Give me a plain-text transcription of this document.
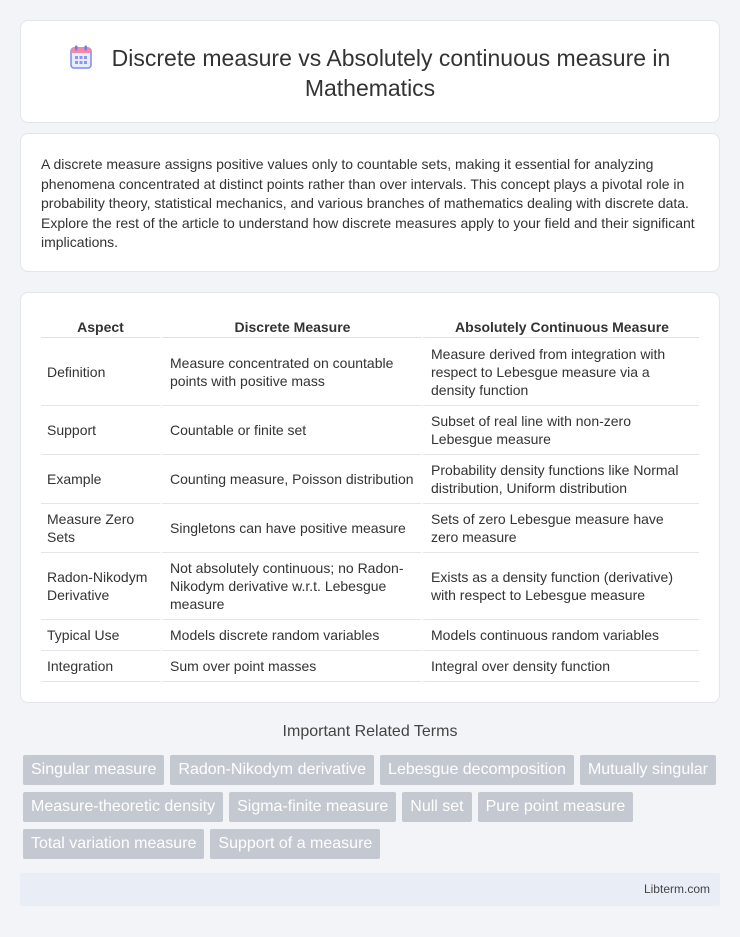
Discrete measure vs Absolutely continuous measure in Mathematics

A discrete measure assigns positive values only to countable sets, making it essential for analyzing phenomena concentrated at distinct points rather than over intervals. This concept plays a pivotal role in probability theory, statistical mechanics, and various branches of mathematics dealing with discrete data. Explore the rest of the article to understand how discrete measures apply to your field and their significant implications.

Aspect	Discrete Measure	Absolutely Continuous Measure
Definition	Measure concentrated on countable points with positive mass	Measure derived from integration with respect to Lebesgue measure via a density function
Support	Countable or finite set	Subset of real line with non-zero Lebesgue measure
Example	Counting measure, Poisson distribution	Probability density functions like Normal distribution, Uniform distribution
Measure Zero Sets	Singletons can have positive measure	Sets of zero Lebesgue measure have zero measure
Radon-Nikodym Derivative	Not absolutely continuous; no Radon-Nikodym derivative w.r.t. Lebesgue measure	Exists as a density function (derivative) with respect to Lebesgue measure
Typical Use	Models discrete random variables	Models continuous random variables
Integration	Sum over point masses	Integral over density function
Important Related Terms
Singular measure Radon-Nikodym derivative Lebesgue decomposition Mutually singular
Measure-theoretic density Sigma-finite measure Null set Pure point measure
Total variation measure Support of a measure
Libterm.com
